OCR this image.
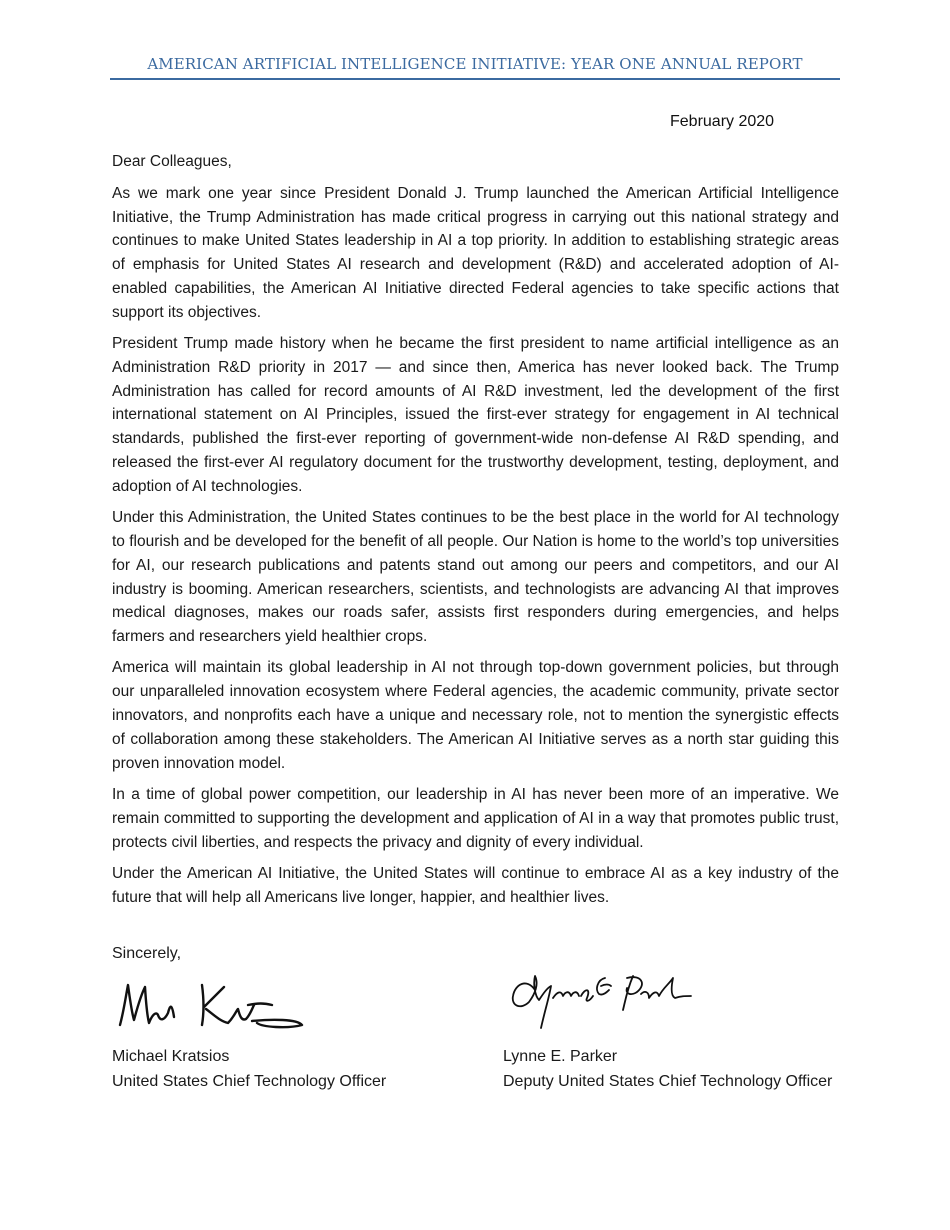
AMERICAN ARTIFICIAL INTELLIGENCE INITIATIVE: YEAR ONE ANNUAL REPORT
February 2020

Dear Colleagues,

As we mark one year since President Donald J. Trump launched the American Artificial Intelligence Initiative, the Trump Administration has made critical progress in carrying out this national strategy and continues to make United States leadership in AI a top priority. In addition to establishing strategic areas of emphasis for United States AI research and development (R&D) and accelerated adoption of AI-enabled capabilities, the American AI Initiative directed Federal agencies to take specific actions that support its objectives.

President Trump made history when he became the first president to name artificial intelligence as an Administration R&D priority in 2017 — and since then, America has never looked back. The Trump Administration has called for record amounts of AI R&D investment, led the development of the first international statement on AI Principles, issued the first-ever strategy for engagement in AI technical standards, published the first-ever reporting of government-wide non-defense AI R&D spending, and released the first-ever AI regulatory document for the trustworthy development, testing, deployment, and adoption of AI technologies.

Under this Administration, the United States continues to be the best place in the world for AI technology to flourish and be developed for the benefit of all people. Our Nation is home to the world’s top universities for AI, our research publications and patents stand out among our peers and competitors, and our AI industry is booming. American researchers, scientists, and technologists are advancing AI that improves medical diagnoses, makes our roads safer, assists first responders during emergencies, and helps farmers and researchers yield healthier crops.

America will maintain its global leadership in AI not through top-down government policies, but through our unparalleled innovation ecosystem where Federal agencies, the academic community, private sector innovators, and nonprofits each have a unique and necessary role, not to mention the synergistic effects of collaboration among these stakeholders. The American AI Initiative serves as a north star guiding this proven innovation model.

In a time of global power competition, our leadership in AI has never been more of an imperative. We remain committed to supporting the development and application of AI in a way that promotes public trust, protects civil liberties, and respects the privacy and dignity of every individual.

Under the American AI Initiative, the United States will continue to embrace AI as a key industry of the future that will help all Americans live longer, happier, and healthier lives.

Sincerely,
Michael Kratsios
United States Chief Technology Officer
Lynne E. Parker
Deputy United States Chief Technology Officer
